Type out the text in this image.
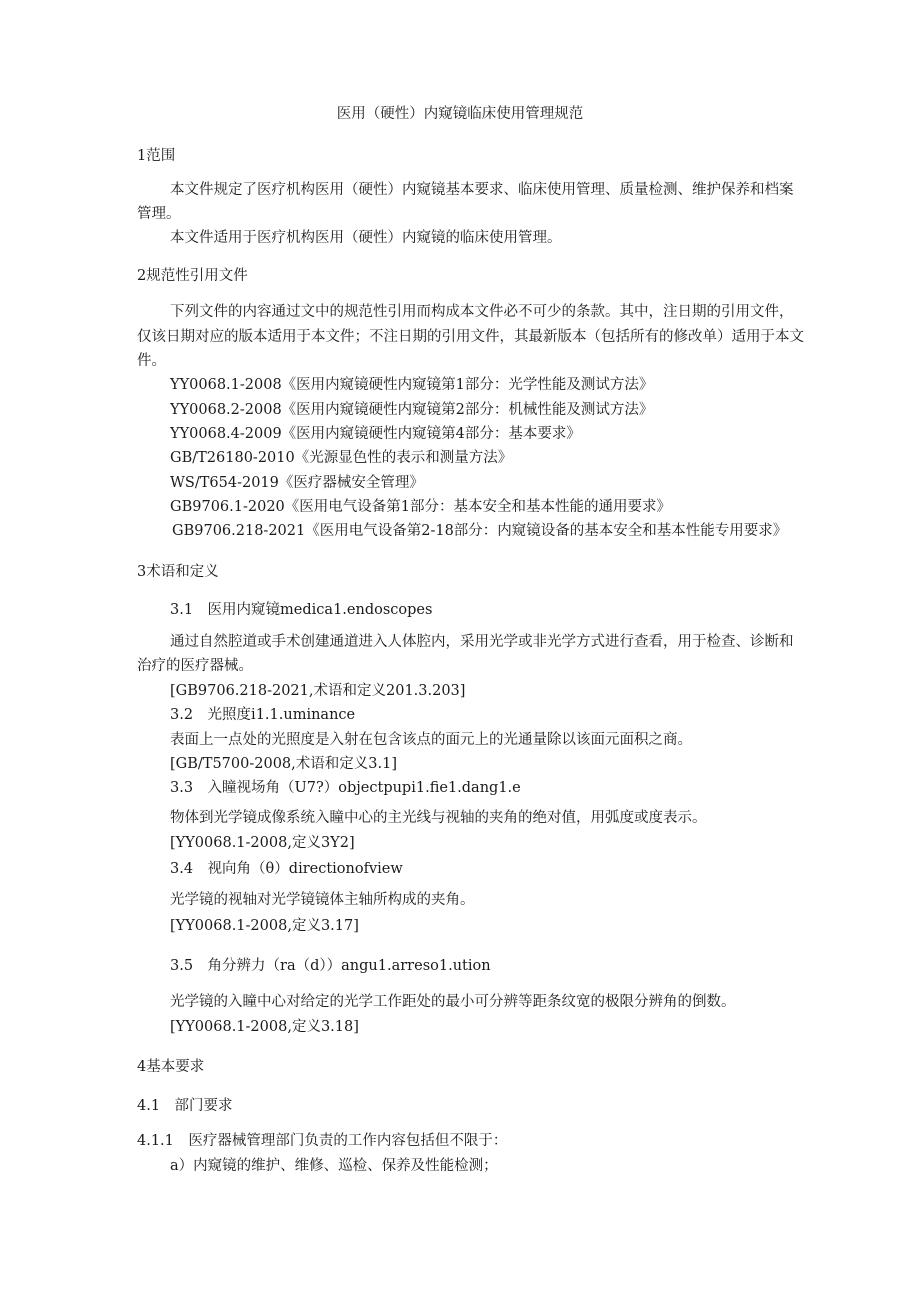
医用（硬性）内窥镜临床使用管理规范
1范围
本文件规定了医疗机构医用（硬性）内窥镜基本要求、临床使用管理、质量检测、维护保养和档案
管理。
本文件适用于医疗机构医用（硬性）内窥镜的临床使用管理。
2规范性引用文件
下列文件的内容通过文中的规范性引用而构成本文件必不可少的条款。其中，注日期的引用文件，
仅该日期对应的版本适用于本文件；不注日期的引用文件，其最新版本（包括所有的修改单）适用于本文
件。
YY0068.1-2008《医用内窥镜硬性内窥镜第1部分：光学性能及测试方法》
YY0068.2-2008《医用内窥镜硬性内窥镜第2部分：机械性能及测试方法》
YY0068.4-2009《医用内窥镜硬性内窥镜第4部分：基本要求》
GB/T26180-2010《光源显色性的表示和测量方法》
WS/T654-2019《医疗器械安全管理》
GB9706.1-2020《医用电气设备第1部分：基本安全和基本性能的通用要求》
GB9706.218-2021《医用电气设备第2-18部分：内窥镜设备的基本安全和基本性能专用要求》
3术语和定义
3.1　医用内窥镜medica1.endoscopes
通过自然腔道或手术创建通道进入人体腔内，采用光学或非光学方式进行查看，用于检查、诊断和
治疗的医疗器械。
[GB9706.218-2021,术语和定义201.3.203]
3.2　光照度i1.1.uminance
表面上一点处的光照度是入射在包含该点的面元上的光通量除以该面元面积之商。
[GB/T5700-2008,术语和定义3.1]
3.3　入瞳视场角（U7?）objectpupi1.fie1.dang1.e
物体到光学镜成像系统入瞳中心的主光线与视轴的夹角的绝对值，用弧度或度表示。
[YY0068.1-2008,定义3Y2]
3.4　视向角（θ）directionofview
光学镜的视轴对光学镜镜体主轴所构成的夹角。
[YY0068.1-2008,定义3.17]
3.5　角分辨力（ra（d））angu1.arreso1.ution
光学镜的入瞳中心对给定的光学工作距处的最小可分辨等距条纹宽的极限分辨角的倒数。
[YY0068.1-2008,定义3.18]
4基本要求
4.1　部门要求
4.1.1　医疗器械管理部门负责的工作内容包括但不限于：
a）内窥镜的维护、维修、巡检、保养及性能检测；
